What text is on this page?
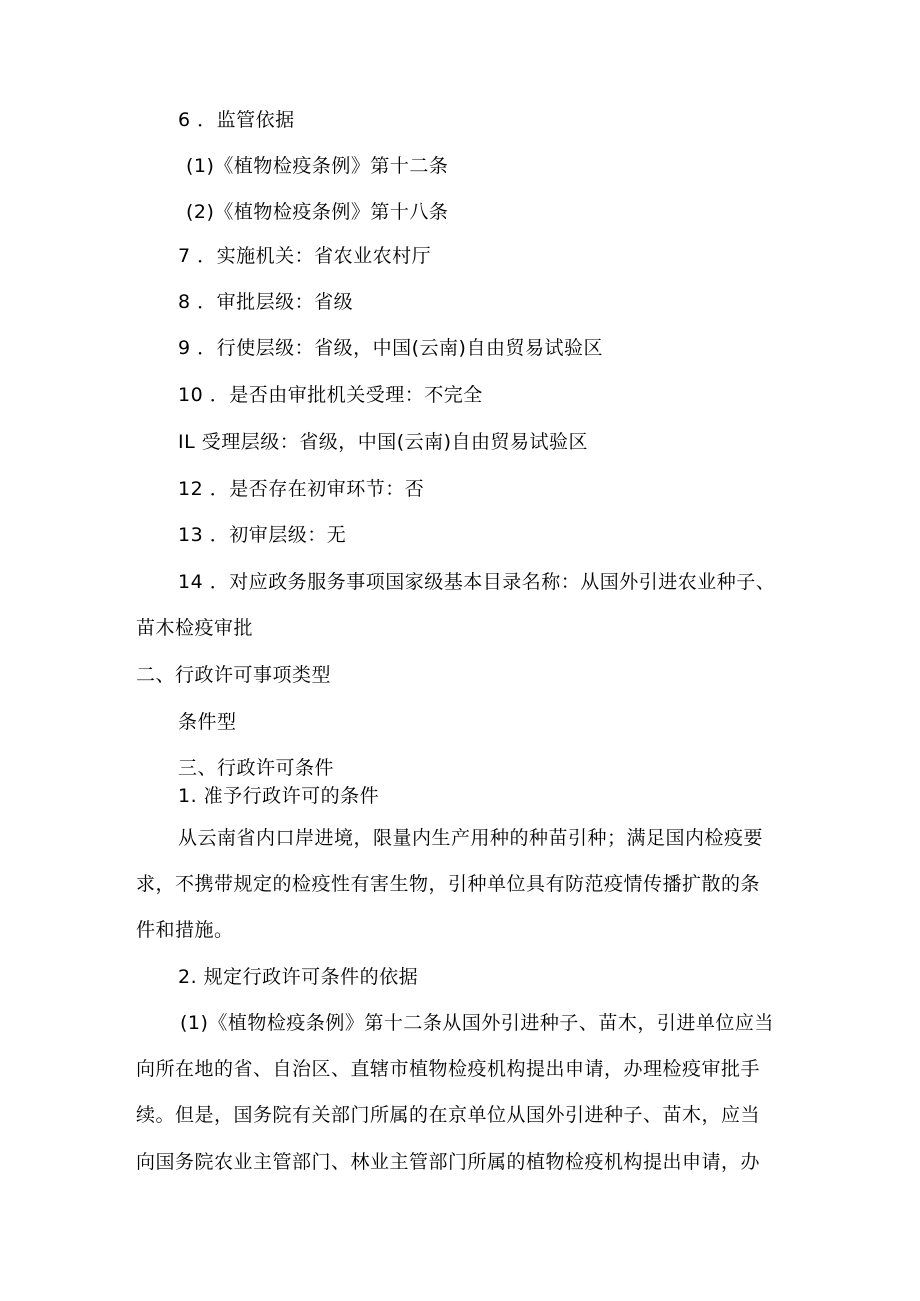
6 ．监管依据
(1)《植物检疫条例》第十二条
(2)《植物检疫条例》第十八条
7 ．实施机关：省农业农村厅
8 ．审批层级：省级
9 ．行使层级：省级，中国(云南)自由贸易试验区
10 ．是否由审批机关受理：不完全
IL 受理层级：省级，中国(云南)自由贸易试验区
12 ．是否存在初审环节：否
13 ．初审层级：无
14 ．对应政务服务事项国家级基本目录名称：从国外引进农业种子、
苗木检疫审批
二、行政许可事项类型
条件型
三、行政许可条件
1. 准予行政许可的条件
从云南省内口岸进境，限量内生产用种的种苗引种；满足国内检疫要
求，不携带规定的检疫性有害生物，引种单位具有防范疫情传播扩散的条
件和措施。
2. 规定行政许可条件的依据
(1)《植物检疫条例》第十二条从国外引进种子、苗木，引进单位应当
向所在地的省、自治区、直辖市植物检疫机构提出申请，办理检疫审批手
续。但是，国务院有关部门所属的在京单位从国外引进种子、苗木，应当
向国务院农业主管部门、林业主管部门所属的植物检疫机构提出申请，办
